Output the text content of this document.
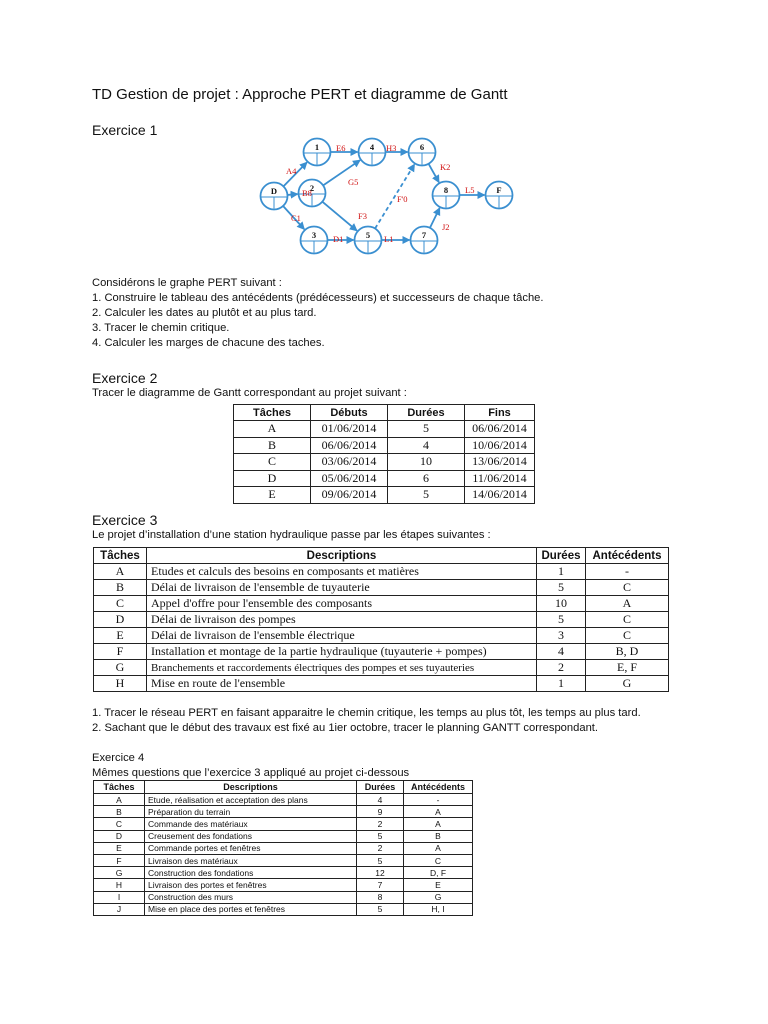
TD Gestion de projet : Approche PERT et diagramme de Gantt
Exercice 1
D
1
2
3
4
5
6
7
8	F
A4
B8
C1
E6
G5
F3
D1
H3
F'0
L1
K2
J2
L5
Considérons le graphe PERT suivant :
1. Construire le tableau des antécédents (prédécesseurs) et successeurs de chaque tâche.
2. Calculer les dates au plutôt et au plus tard.
3. Tracer le chemin critique.
4. Calculer les marges de chacune des taches.
Exercice 2
Tracer le diagramme de Gantt correspondant au projet suivant :
Tâches	Débuts	Durées	Fins
A	01/06/2014	5	06/06/2014
B	06/06/2014	4	10/06/2014
C	03/06/2014	10	13/06/2014
D	05/06/2014	6	11/06/2014
E	09/06/2014	5	14/06/2014
Exercice 3
Le projet d’installation d’une station hydraulique passe par les étapes suivantes :
Tâches	Descriptions	Durées	Antécédents
A	Etudes et calculs des besoins en composants et matières	1	-
B	Délai de livraison de l'ensemble de tuyauterie	5	C
C	Appel d'offre pour l'ensemble des composants	10	A
D	Délai de livraison des pompes	5	C
E	Délai de livraison de l'ensemble électrique	3	C
F	Installation et montage de la partie hydraulique (tuyauterie + pompes)	4	B, D
G	Branchements et raccordements électriques des pompes et ses tuyauteries	2	E, F
H	Mise en route de l'ensemble	1	G
1. Tracer le réseau PERT en faisant apparaitre le chemin critique, les temps au plus tôt, les temps au plus tard.
2. Sachant que le début des travaux est fixé au 1ier octobre, tracer le planning GANTT correspondant.
Exercice 4
Mêmes questions que l’exercice 3 appliqué au projet ci-dessous
Tâches	Descriptions	Durées	Antécédents
A	Etude, réalisation et acceptation des plans	4	-
B	Préparation du terrain	9	A
C	Commande des matériaux	2	A
D	Creusement des fondations	5	B
E	Commande portes et fenêtres	2	A
F	Livraison des matériaux	5	C
G	Construction des fondations	12	D, F
H	Livraison des portes et fenêtres	7	E
I	Construction des murs	8	G
J	Mise en place des portes et fenêtres	5	H, I
